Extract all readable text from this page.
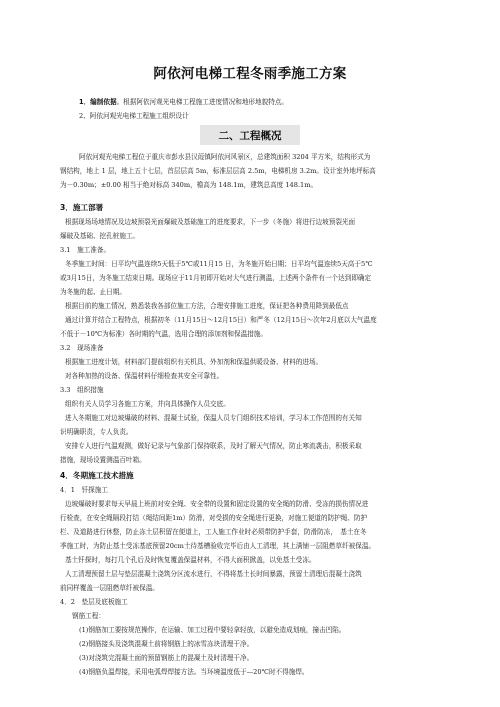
阿依河电梯工程冬雨季施工方案
1．编制依据。根据阿依河观光电梯工程施工进度情况和地形地貌特点。
2、阿依河观光电梯工程施工组织设计
二、工程概况
阿依河观光电梯工程位于重庆市彭水县汉葭镇阿依河风景区，总建筑面积 3204 平方米，结构形式为
钢结构，地上 1 层，地上五十七层，首层层高 5m，标准层层高 2.5m，电梯机房 3.2m。设计室外地坪标高
为－0.30m；±0.00 相当于绝对标高 340m，檐高为 148.1m，建筑总高度 148.1m。
3．施工部署
根据现场场地情况及边坡预裂光面爆破及基础施工的进度要求，下一步（冬施）将进行边坡预裂光面
爆破及基础、挖孔桩施工。
3.1　施工准备。
冬季施工时间：日平均气温连续5天低于5℃或11月15 日，为冬施开始日期；日平均气温连续5天高于5℃
或3月15日，为冬施工结束日期。现场应于11月初即开始对大气进行测温，上述两个条件有一个达到即确定
为冬施的起、止日期。
根据目前的施工情况，熟悉装我各部位施工方法，合理安排施工进度，保证把各种费用降到最低点
通过计算并结合工程特点，根据初冬（11月15日～12月15日）和严冬（12月15日～次年2月底以大气温度
不低于－10℃为标准）各时期的气温，选用合理的添加剂和保温措施。
3.2　现场准备
根据施工进度计划，材料部门提前组织有关机具、外加剂和保温供暖设备、材料的进场。
对各种加热的设备、保温材料仔细检查其安全可靠性。
3.3　组织措施
组织有关人员学习各施工方案，并向具体操作人员交底。
进入冬期施工对边坡爆破的材料、混凝土试验，保温人员专门组织技术培训，学习本工作范围的有关知
识明确职责，专人负责。
安排专人进行气温观测，做好记录与气象部门保持联系，及时了解天气情况，防止寒流袭击，积极采取
措施，现场设置测温百叶箱。
4．冬期施工技术措施
4．1　钎探施工
边坡爆破时要求每天早晨上班前对安全绳、安全带的设置和固定设置的安全绳的防滑、受冻的损伤情况进
行检查，在安全绳隔段打结（绳结间距1m）防滑，对受损的安全绳进行更换，对施工便道的防护绳、防护
栏、及道路进行休整，防止冻土层积留在便道上，工人施工作业时必须带防护手套，防滑防冻，　基土在冬
季施工时，为防止基土受冻基底预留20cm土待基槽验收完毕后由人工清理，其上满铺一层阻燃草纤被保温。
基土钎探时，每打几个孔后及时恢复覆盖保温材料，不得大面积掀盖，以免基土受冻。
人工清理预留土层与垫层混凝土浇筑分区流水进行，不得将基土长时间暴露，预留土清理后混凝土浇筑
前同样覆盖一层阻燃草纤被保温。
4．2　垫层及底板施工
钢筋工程：
(1)钢筋加工要按规范操作，在运输、加工过程中要轻拿轻放，以避免造成划痕，撞击凹陷。
(2)钢筋接头及浇筑混凝土前将钢筋上的冰雪冻块清理干净。
(3)对浇筑完混凝土面的预留钢筋上的混凝土及时清理干净。
(4)钢筋负温焊接，采用电弧焊焊接方法。当环境温度低于—20℃时不得施焊。
